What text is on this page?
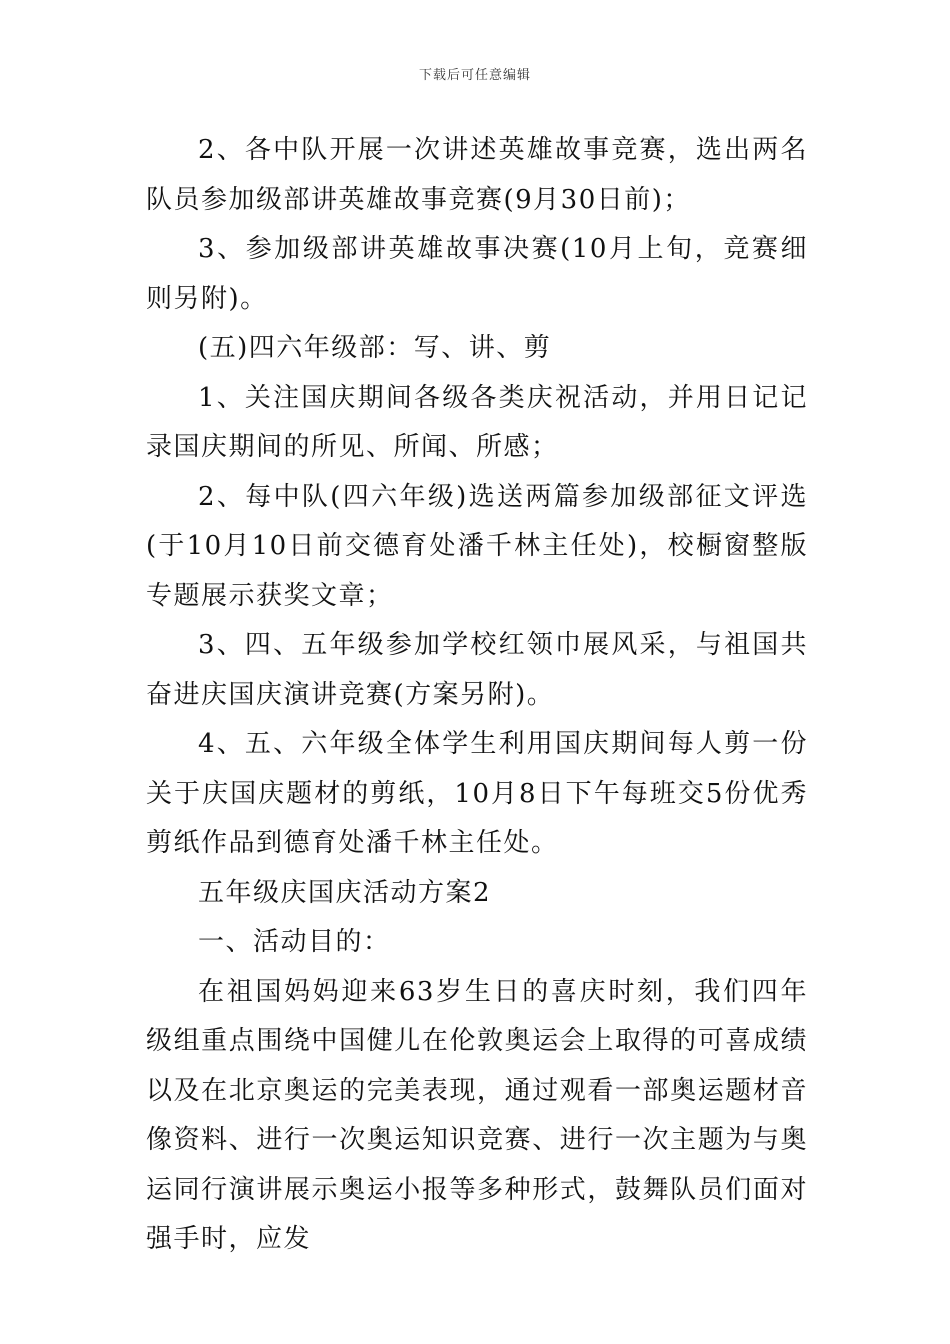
下载后可任意编辑

2、各中队开展一次讲述英雄故事竞赛，选出两名队员参加级部讲英雄故事竞赛(9月30日前)；

3、参加级部讲英雄故事决赛(10月上旬，竞赛细则另附)。

(五)四六年级部：写、讲、剪

1、关注国庆期间各级各类庆祝活动，并用日记记录国庆期间的所见、所闻、所感；

2、每中队(四六年级)选送两篇参加级部征文评选(于10月10日前交德育处潘千林主任处)，校橱窗整版专题展示获奖文章；

3、四、五年级参加学校红领巾展风采，与祖国共奋进庆国庆演讲竞赛(方案另附)。

4、五、六年级全体学生利用国庆期间每人剪一份关于庆国庆题材的剪纸，10月8日下午每班交5份优秀剪纸作品到德育处潘千林主任处。

五年级庆国庆活动方案2

一、活动目的：

在祖国妈妈迎来63岁生日的喜庆时刻，我们四年级组重点围绕中国健儿在伦敦奥运会上取得的可喜成绩以及在北京奥运的完美表现，通过观看一部奥运题材音像资料、进行一次奥运知识竞赛、进行一次主题为与奥运同行演讲展示奥运小报等多种形式，鼓舞队员们面对强手时，应发
